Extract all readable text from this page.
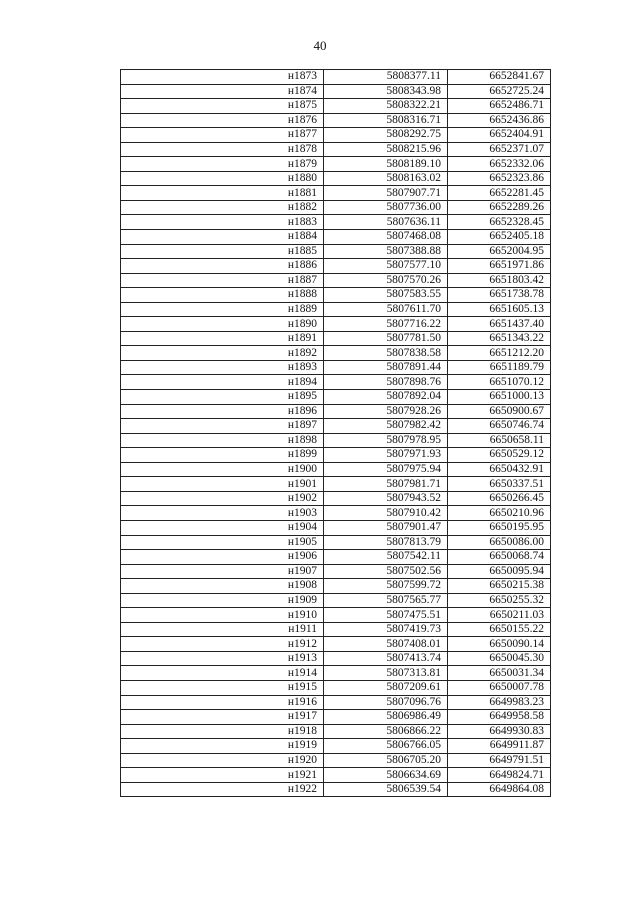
40
н1873	5808377.11	6652841.67
н1874	5808343.98	6652725.24
н1875	5808322.21	6652486.71
н1876	5808316.71	6652436.86
н1877	5808292.75	6652404.91
н1878	5808215.96	6652371.07
н1879	5808189.10	6652332.06
н1880	5808163.02	6652323.86
н1881	5807907.71	6652281.45
н1882	5807736.00	6652289.26
н1883	5807636.11	6652328.45
н1884	5807468.08	6652405.18
н1885	5807388.88	6652004.95
н1886	5807577.10	6651971.86
н1887	5807570.26	6651803.42
н1888	5807583.55	6651738.78
н1889	5807611.70	6651605.13
н1890	5807716.22	6651437.40
н1891	5807781.50	6651343.22
н1892	5807838.58	6651212.20
н1893	5807891.44	6651189.79
н1894	5807898.76	6651070.12
н1895	5807892.04	6651000.13
н1896	5807928.26	6650900.67
н1897	5807982.42	6650746.74
н1898	5807978.95	6650658.11
н1899	5807971.93	6650529.12
н1900	5807975.94	6650432.91
н1901	5807981.71	6650337.51
н1902	5807943.52	6650266.45
н1903	5807910.42	6650210.96
н1904	5807901.47	6650195.95
н1905	5807813.79	6650086.00
н1906	5807542.11	6650068.74
н1907	5807502.56	6650095.94
н1908	5807599.72	6650215.38
н1909	5807565.77	6650255.32
н1910	5807475.51	6650211.03
н1911	5807419.73	6650155.22
н1912	5807408.01	6650090.14
н1913	5807413.74	6650045.30
н1914	5807313.81	6650031.34
н1915	5807209.61	6650007.78
н1916	5807096.76	6649983.23
н1917	5806986.49	6649958.58
н1918	5806866.22	6649930.83
н1919	5806766.05	6649911.87
н1920	5806705.20	6649791.51
н1921	5806634.69	6649824.71
н1922	5806539.54	6649864.08
